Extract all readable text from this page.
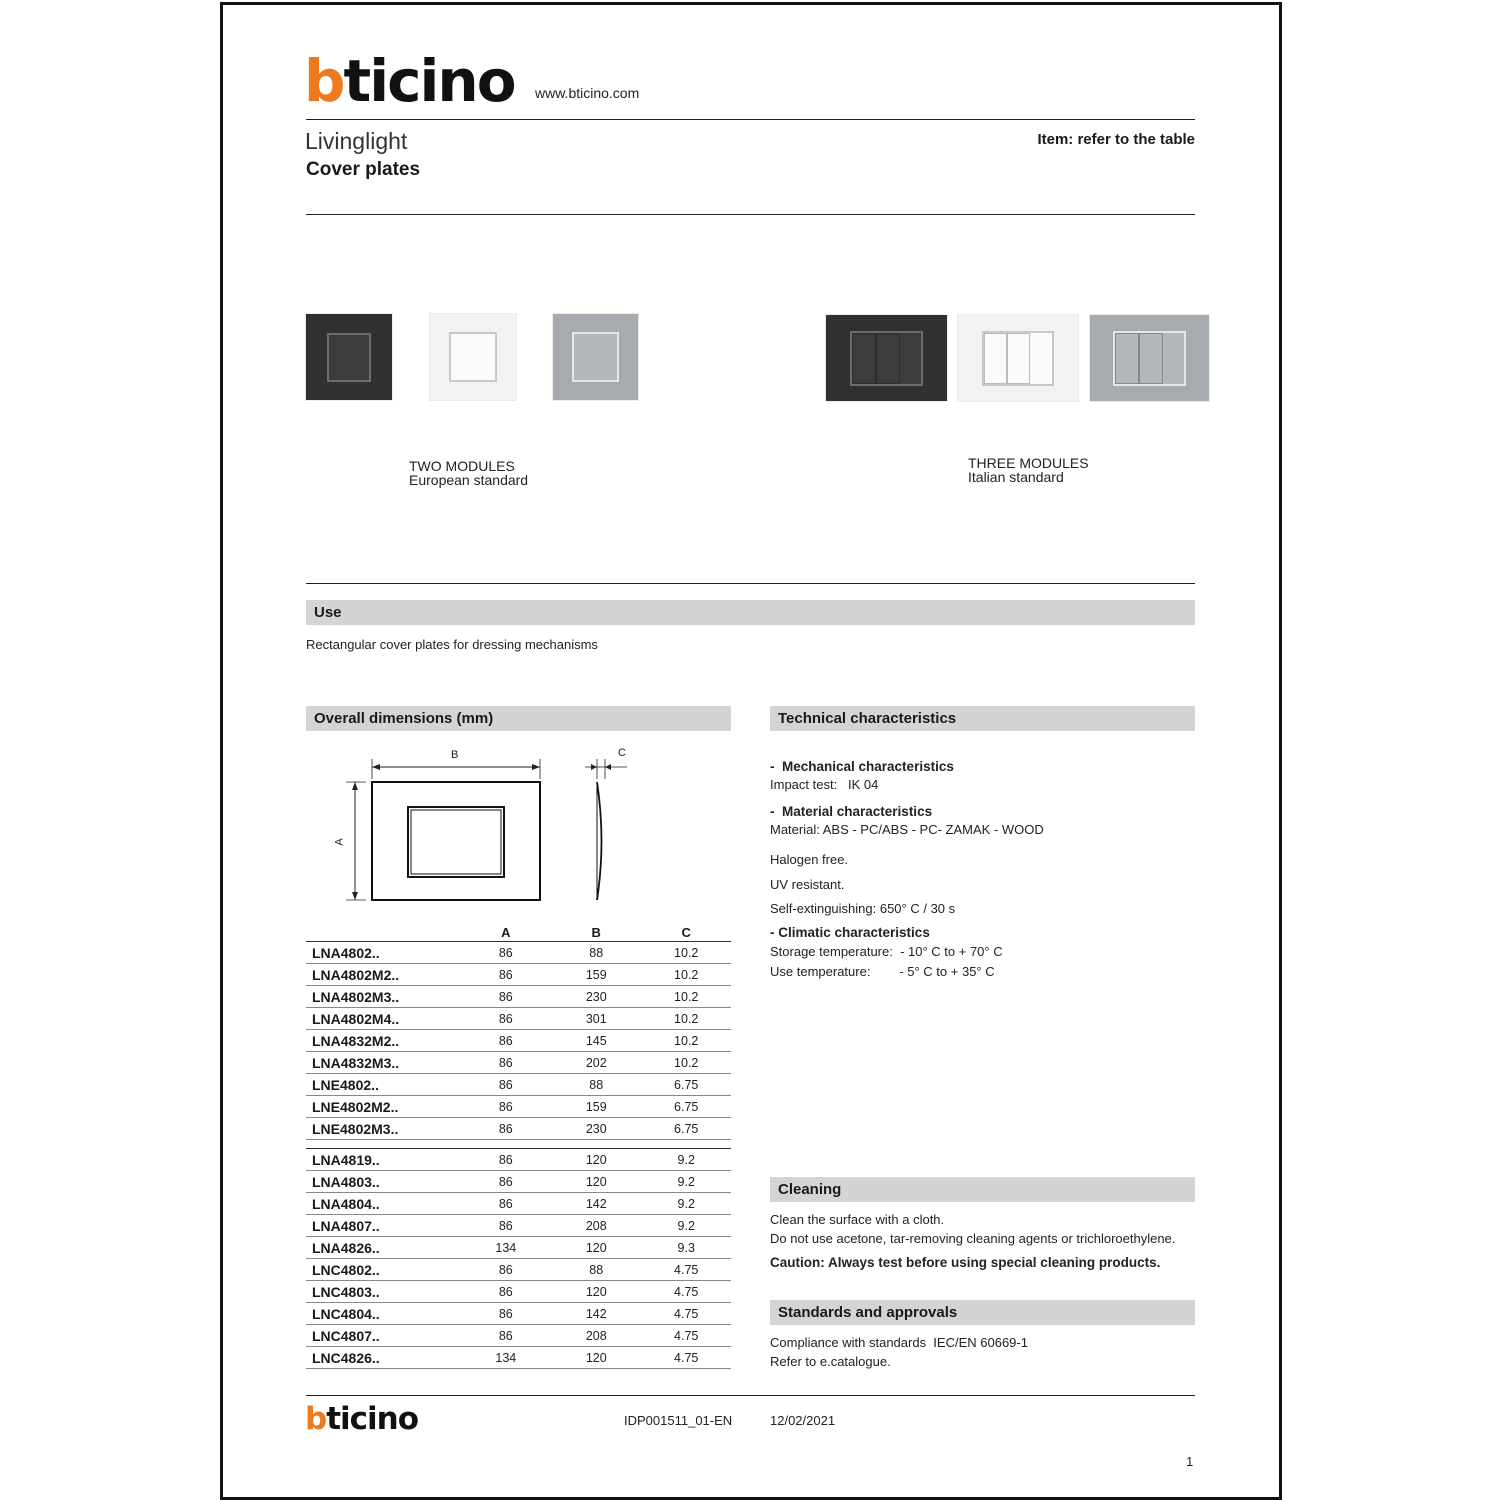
bticino www.bticino.com
Livinglight
Cover plates
Item: refer to the table
TWO MODULES
European standard
THREE MODULES
Italian standard
Use
Rectangular cover plates for dressing mechanisms
Overall dimensions (mm)
B	C
A
	A	B	C
LNA4802..	86	88	10.2
LNA4802M2..	86	159	10.2
LNA4802M3..	86	230	10.2
LNA4802M4..	86	301	10.2
LNA4832M2..	86	145	10.2
LNA4832M3..	86	202	10.2
LNE4802..	86	88	6.75
LNE4802M2..	86	159	6.75
LNE4802M3..	86	230	6.75

LNA4819..	86	120	9.2
LNA4803..	86	120	9.2
LNA4804..	86	142	9.2
LNA4807..	86	208	9.2
LNA4826..	134	120	9.3
LNC4802..	86	88	4.75
LNC4803..	86	120	4.75
LNC4804..	86	142	4.75
LNC4807..	86	208	4.75
LNC4826..	134	120	4.75
Technical characteristics
-  Mechanical characteristics
Impact test:   IK 04
-  Material characteristics
Material: ABS - PC/ABS - PC- ZAMAK - WOOD
Halogen free.
UV resistant.
Self-extinguishing: 650° C / 30 s
- Climatic characteristics
Storage temperature:  - 10° C to + 70° C
Use temperature:        - 5° C to + 35° C
Cleaning
Clean the surface with a cloth.
Do not use acetone, tar-removing cleaning agents or trichloroethylene.
Caution: Always test before using special cleaning products.
Standards and approvals
Compliance with standards  IEC/EN 60669-1
Refer to e.catalogue.
bticino	IDP001511_01-EN	12/02/2021
1
